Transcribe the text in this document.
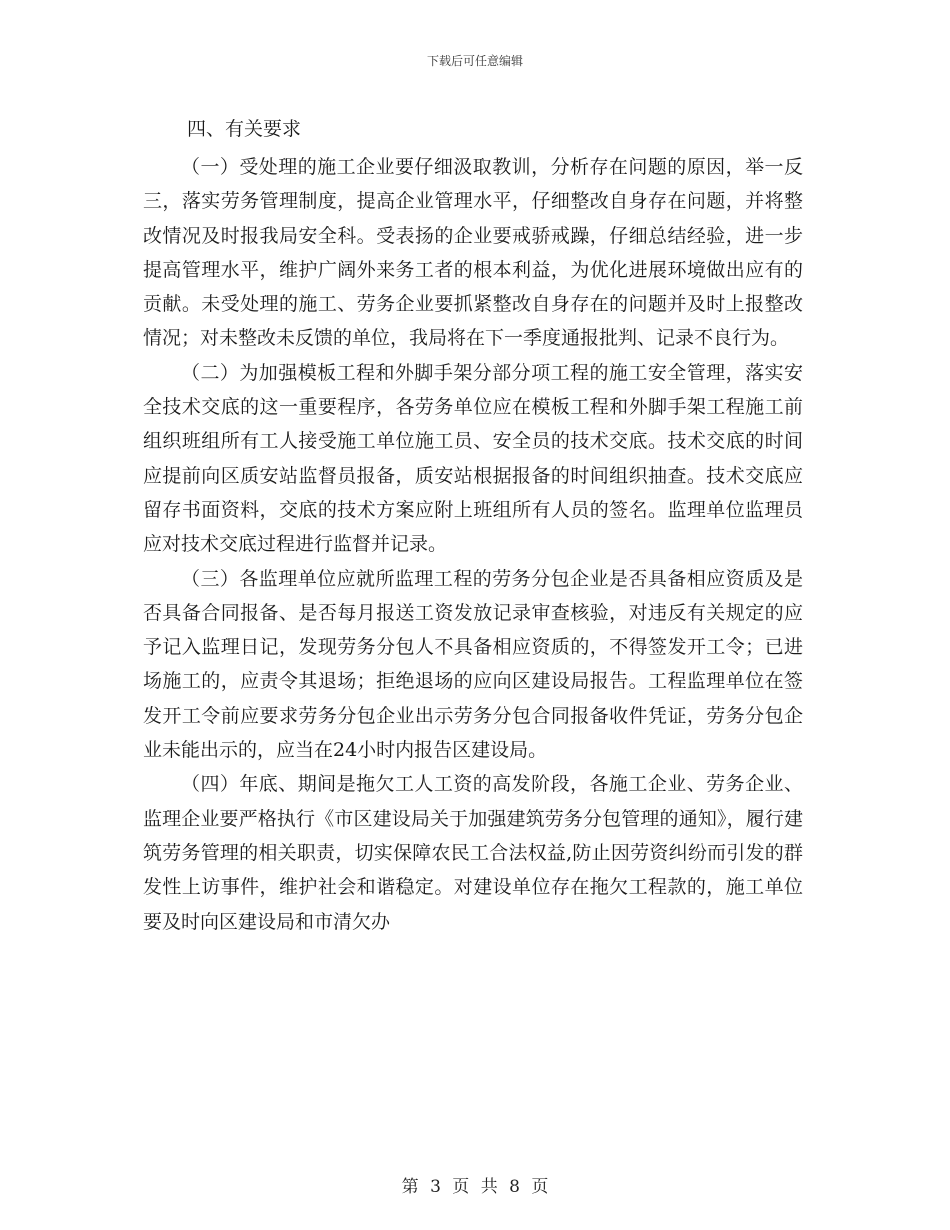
下载后可任意编辑
四、有关要求

（一）受处理的施工企业要仔细汲取教训，分析存在问题的原因，举一反三，落实劳务管理制度，提高企业管理水平，仔细整改自身存在问题，并将整改情况及时报我局安全科。受表扬的企业要戒骄戒躁，仔细总结经验，进一步提高管理水平，维护广阔外来务工者的根本利益，为优化进展环境做出应有的贡献。未受处理的施工、劳务企业要抓紧整改自身存在的问题并及时上报整改情况；对未整改未反馈的单位，我局将在下一季度通报批判、记录不良行为。

（二）为加强模板工程和外脚手架分部分项工程的施工安全管理，落实安全技术交底的这一重要程序，各劳务单位应在模板工程和外脚手架工程施工前组织班组所有工人接受施工单位施工员、安全员的技术交底。技术交底的时间应提前向区质安站监督员报备，质安站根据报备的时间组织抽查。技术交底应留存书面资料，交底的技术方案应附上班组所有人员的签名。监理单位监理员应对技术交底过程进行监督并记录。

（三）各监理单位应就所监理工程的劳务分包企业是否具备相应资质及是否具备合同报备、是否每月报送工资发放记录审查核验，对违反有关规定的应予记入监理日记，发现劳务分包人不具备相应资质的，不得签发开工令；已进场施工的，应责令其退场；拒绝退场的应向区建设局报告。工程监理单位在签发开工令前应要求劳务分包企业出示劳务分包合同报备收件凭证，劳务分包企业未能出示的，应当在24小时内报告区建设局。

（四）年底、期间是拖欠工人工资的高发阶段，各施工企业、劳务企业、监理企业要严格执行《市区建设局关于加强建筑劳务分包管理的通知》，履行建筑劳务管理的相关职责，切实保障农民工合法权益,防止因劳资纠纷而引发的群发性上访事件，维护社会和谐稳定。对建设单位存在拖欠工程款的，施工单位要及时向区建设局和市清欠办

第 3 页 共 8 页
